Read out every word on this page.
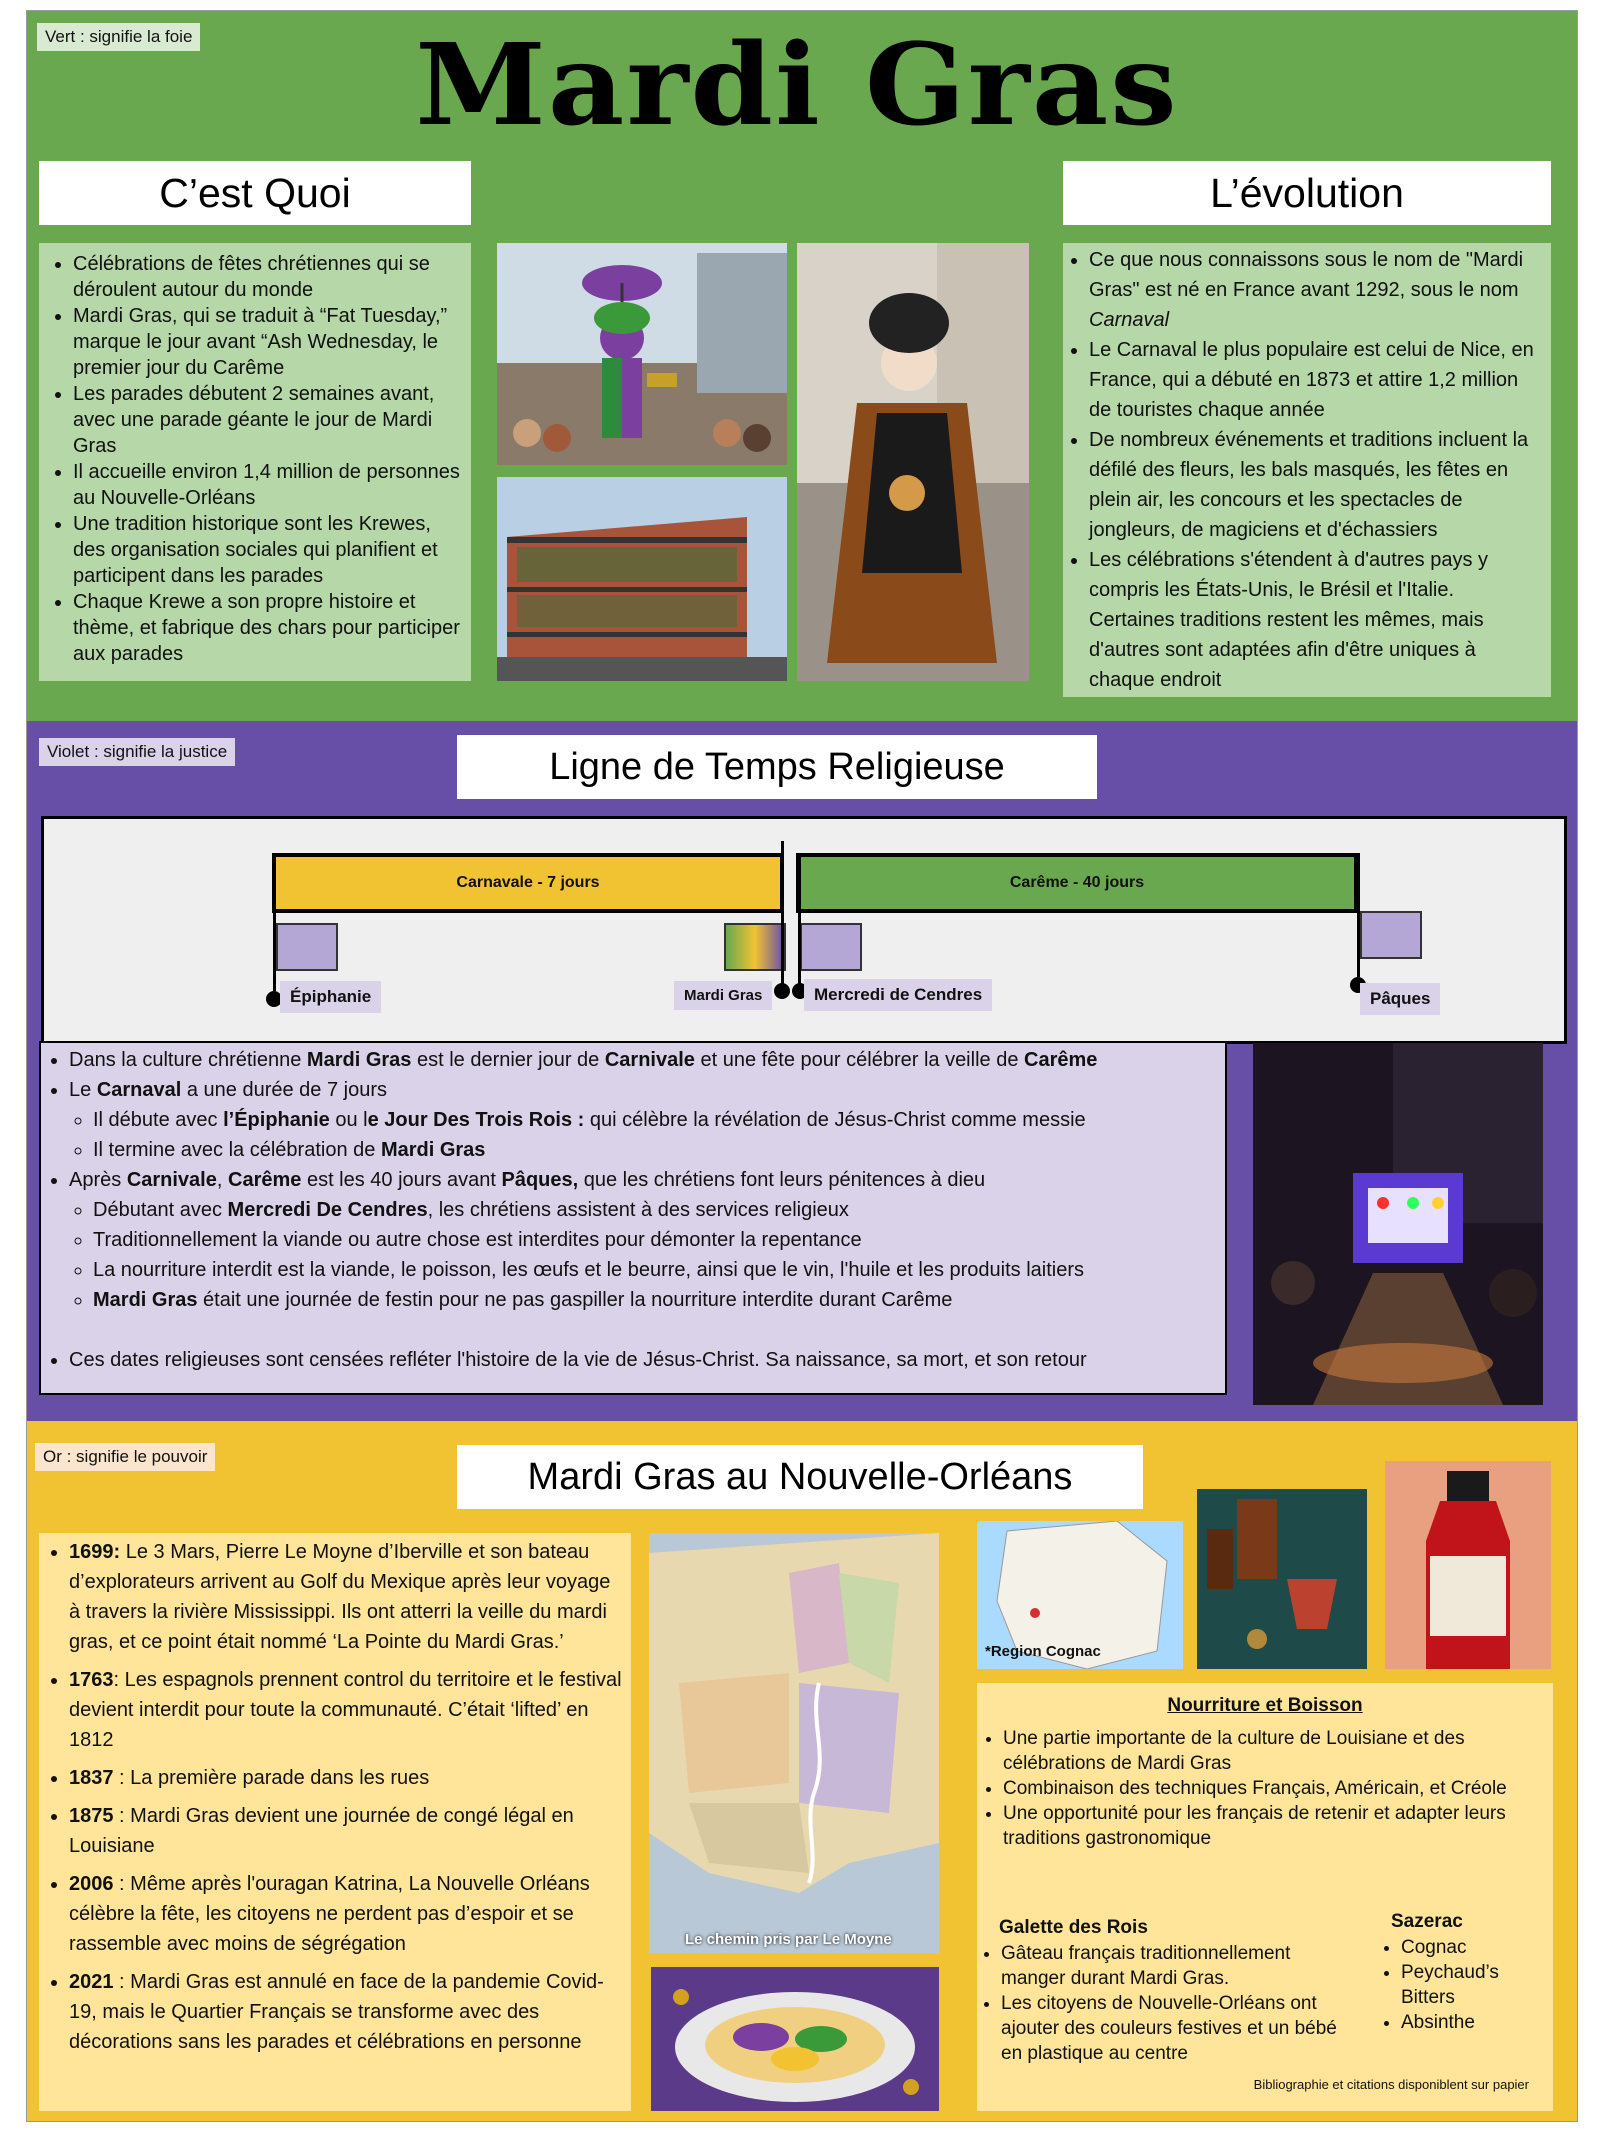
Vert : signifie la foie	Mardi Gras
C’est Quoi	L’évolution
• Célébrations de fêtes chrétiennes qui se déroulent autour du monde
• Mardi Gras, qui se traduit à “Fat Tuesday,” marque le jour avant “Ash Wednesday, le premier jour du Carême
• Les parades débutent 2 semaines avant, avec une parade géante le jour de Mardi Gras
• Il accueille environ 1,4 million de personnes au Nouvelle-Orléans
• Une tradition historique sont les Krewes, des organisation sociales qui planifient et participent dans les parades
• Chaque Krewe a son propre histoire et thème, et fabrique des chars pour participer aux parades
• Ce que nous connaissons sous le nom de "Mardi Gras" est né en France avant 1292, sous le nom Carnaval
• Le Carnaval le plus populaire est celui de Nice, en France, qui a débuté en 1873 et attire 1,2 million de touristes chaque année
• De nombreux événements et traditions incluent la défilé des fleurs, les bals masqués, les fêtes en plein air, les concours et les spectacles de jongleurs, de magiciens et d'échassiers
• Les célébrations s'étendent à d'autres pays y compris les États-Unis, le Brésil et l'Italie. Certaines traditions restent les mêmes, mais d'autres sont adaptées afin d'être uniques à chaque endroit
Violet : signifie la justice	Ligne de Temps Religieuse
Carnavale - 7 jours	Carême - 40 jours
Épiphanie	Mardi Gras	Mercredi de Cendres	Pâques
• Dans la culture chrétienne Mardi Gras est le dernier jour de Carnivale et une fête pour célébrer la veille de Carême
• Le Carnaval a une durée de 7 jours
◦ Il débute avec l’Épiphanie ou le Jour Des Trois Rois : qui célèbre la révélation de Jésus-Christ comme messie
◦ Il termine avec la célébration de Mardi Gras
• Après Carnivale, Carême est les 40 jours avant Pâques, que les chrétiens font leurs pénitences à dieu
◦ Débutant avec Mercredi De Cendres, les chrétiens assistent à des services religieux
◦ Traditionnellement la viande ou autre chose est interdites pour démonter la repentance
◦ La nourriture interdit est la viande, le poisson, les œufs et le beurre, ainsi que le vin, l'huile et les produits laitiers
◦ Mardi Gras était une journée de festin pour ne pas gaspiller la nourriture interdite durant Carême
• Ces dates religieuses sont censées refléter l'histoire de la vie de Jésus-Christ. Sa naissance, sa mort, et son retour
Or : signifie le pouvoir	Mardi Gras au Nouvelle-Orléans
• 1699: Le 3 Mars, Pierre Le Moyne d’Iberville et son bateau d’explorateurs arrivent au Golf du Mexique après leur voyage à travers la rivière Mississippi. Ils ont atterri la veille du mardi gras, et ce point était nommé ‘La Pointe du Mardi Gras.’
• 1763: Les espagnols prennent control du territoire et le festival devient interdit pour toute la communauté. C’était ‘lifted’ en 1812
• 1837 : La première parade dans les rues
• 1875 : Mardi Gras devient une journée de congé légal en Louisiane
• 2006 : Même après l'ouragan Katrina, La Nouvelle Orléans célèbre la fête, les citoyens ne perdent pas d’espoir et se rassemble avec moins de ségrégation
• 2021 : Mardi Gras est annulé en face de la pandemie Covid-19, mais le Quartier Français se transforme avec des décorations sans les parades et célébrations en personne
Le chemin pris par Le Moyne
*Region Cognac
Nourriture et Boisson
• Une partie importante de la culture de Louisiane et des célébrations de Mardi Gras
• Combinaison des techniques Français, Américain, et Créole
• Une opportunité pour les français de retenir et adapter leurs traditions gastronomique
Galette des Rois
• Gâteau français traditionnellement manger durant Mardi Gras.
• Les citoyens de Nouvelle-Orléans ont ajouter des couleurs festives et un bébé en plastique au centre
Sazerac
• Cognac
• Peychaud’s Bitters
• Absinthe
Bibliographie et citations disponiblent sur papier
